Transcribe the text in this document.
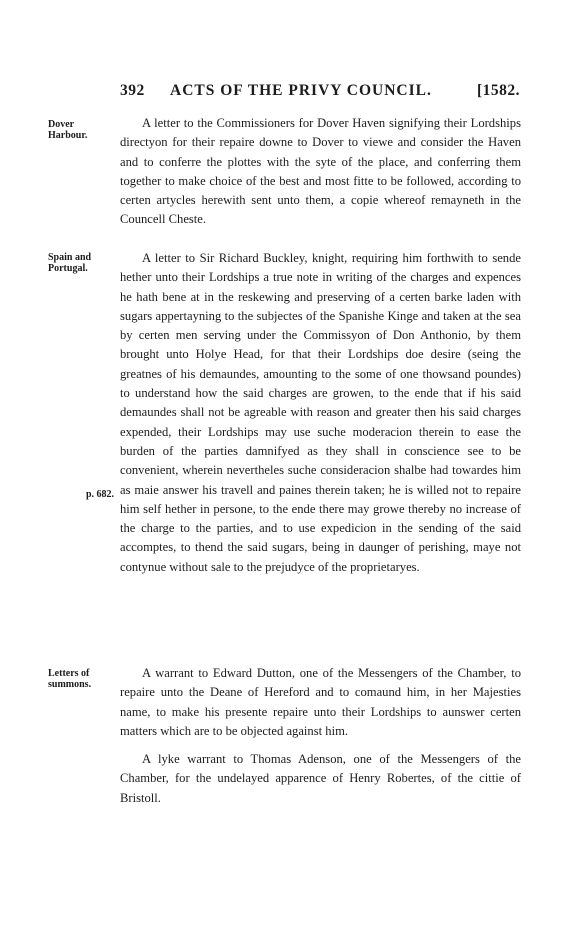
392 ACTS OF THE PRIVY COUNCIL.	[1582.
Dover Harbour.
Spain and Portugal.
Letters of summons.
p. 682.

A letter to the Commissioners for Dover Haven signifying their Lordships directyon for their repaire downe to Dover to viewe and consider the Haven and to conferre the plottes with the syte of the place, and conferring them together to make choice of the best and most fitte to be followed, according to certen artycles herewith sent unto them, a copie whereof remayneth in the Councell Cheste.

A letter to Sir Richard Buckley, knight, requiring him forthwith to sende hether unto their Lordships a true note in writing of the charges and expences he hath bene at in the reskewing and preserving of a certen barke laden with sugars appertayning to the subjectes of the Spanishe Kinge and taken at the sea by certen men serving under the Commissyon of Don Anthonio, by them brought unto Holye Head, for that their Lordships doe desire (seing the greatnes of his demaundes, amounting to the some of one thowsand poundes) to understand how the said charges are growen, to the ende that if his said demaundes shall not be agreable with reason and greater then his said charges expended, their Lordships may use suche moderacion therein to ease the burden of the parties damnifyed as they shall in conscience see to be convenient, wherein nevertheles suche consideracion shalbe had towardes him as maie answer his travell and paines therein taken; he is willed not to repaire him self hether in persone, to the ende there may growe thereby no increase of the charge to the parties, and to use expedicion in the sending of the said accomptes, to thend the said sugars, being in daunger of perishing, maye not contynue without sale to the prejudyce of the proprietaryes.

A warrant to Edward Dutton, one of the Messengers of the Chamber, to repaire unto the Deane of Hereford and to comaund him, in her Majesties name, to make his presente repaire unto their Lordships to aunswer certen matters which are to be objected against him.

A lyke warrant to Thomas Adenson, one of the Messengers of the Chamber, for the undelayed apparence of Henry Robertes, of the cittie of Bristoll.
